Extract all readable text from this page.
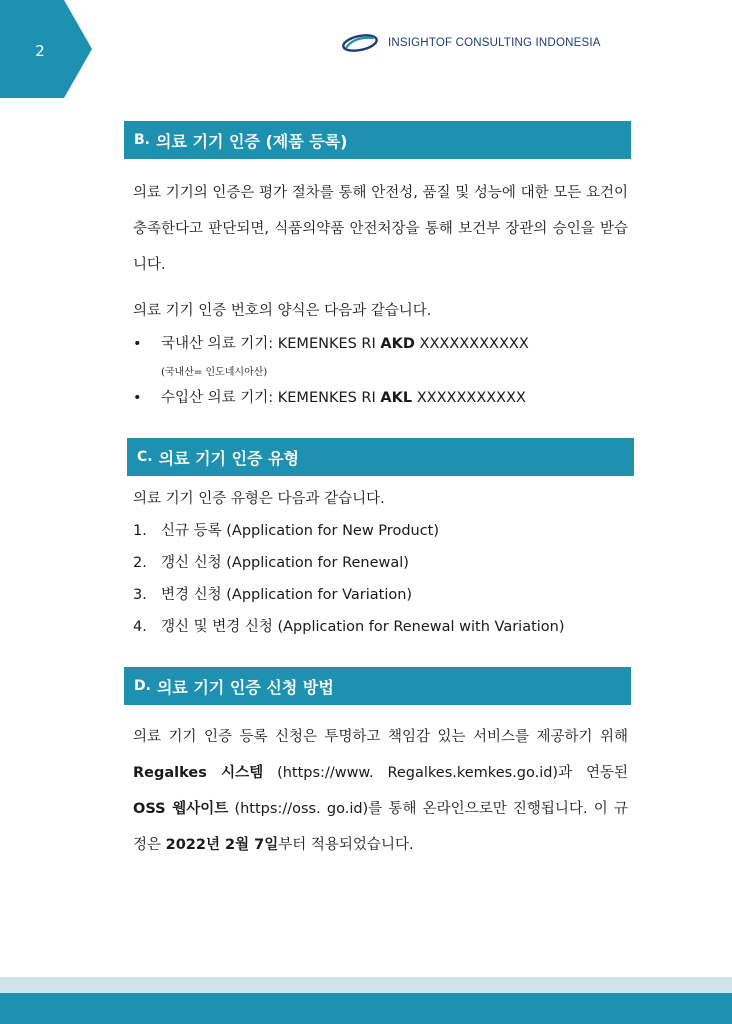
2	INSIGHTOF CONSULTING INDONESIA
B. 의료 기기 인증 (제품 등록)

의료 기기의 인증은 평가 절차를 통해 안전성, 품질 및 성능에 대한 모든 요건이 충족한다고 판단되면, 식품의약품 안전처장을 통해 보건부 장관의 승인을 받습니다.

의료 기기 인증 번호의 양식은 다음과 같습니다.
• 국내산 의료 기기: KEMENKES RI AKD XXXXXXXXXXX
(국내산= 인도네시아산)
• 수입산 의료 기기: KEMENKES RI AKL XXXXXXXXXXX
C. 의료 기기 인증 유형
의료 기기 인증 유형은 다음과 같습니다.
1. 신규 등록 (Application for New Product)
2. 갱신 신청 (Application for Renewal)
3. 변경 신청 (Application for Variation)
4. 갱신 및 변경 신청 (Application for Renewal with Variation)
D. 의료 기기 인증 신청 방법

의료 기기 인증 등록 신청은 투명하고 책임감 있는 서비스를 제공하기 위해 Regalkes 시스템 (https://www. Regalkes.kemkes.go.id)과 연동된 OSS 웹사이트 (https://oss. go.id)를 통해 온라인으로만 진행됩니다. 이 규정은 2022년 2월 7일부터 적용되었습니다.
